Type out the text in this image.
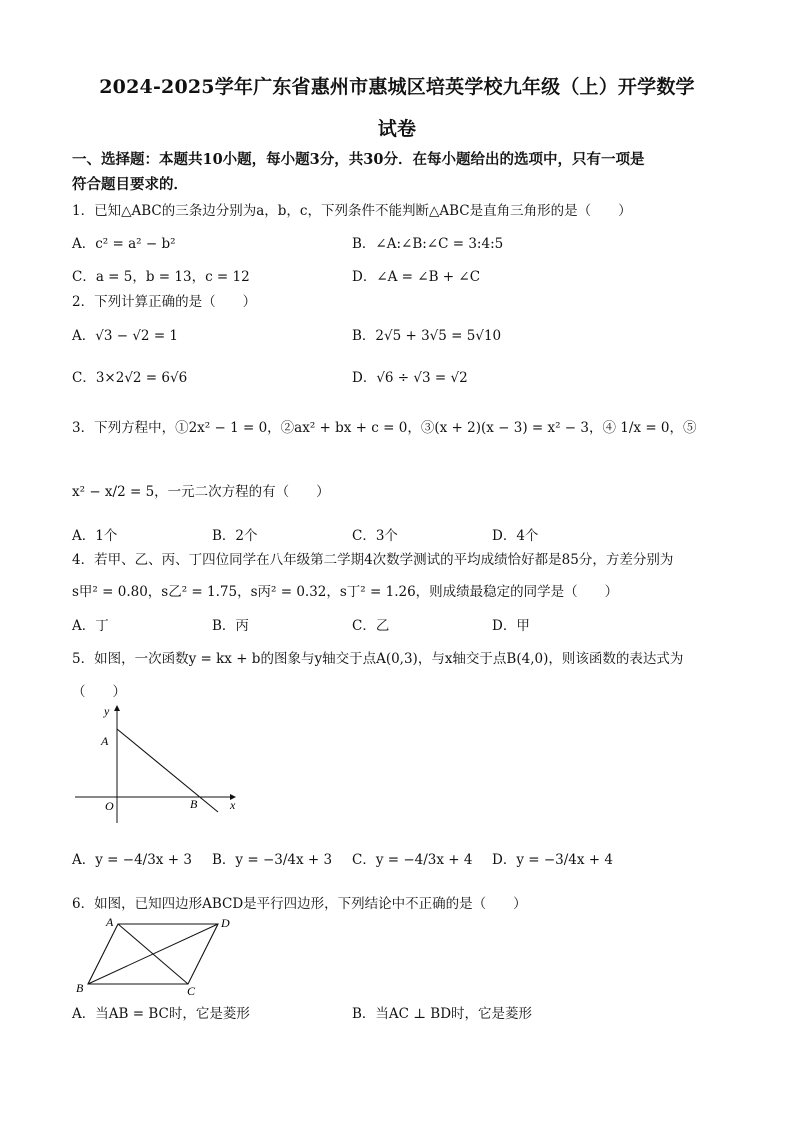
2024-2025学年广东省惠州市惠城区培英学校九年级（上）开学数学
试卷
一、选择题：本题共10小题，每小题3分，共30分．在每小题给出的选项中，只有一项是
符合题目要求的．
1．已知△ABC的三条边分别为a，b，c，下列条件不能判断△ABC是直角三角形的是（　　）
A．c² = a² − b²	B．∠A:∠B:∠C = 3:4:5
C．a = 5，b = 13，c = 12	D．∠A = ∠B + ∠C
2．下列计算正确的是（　　）
A．√3 − √2 = 1	B．2√5 + 3√5 = 5√10
C．3×2√2 = 6√6	D．√6 ÷ √3 = √2
3．下列方程中，①2x² − 1 = 0，②ax² + bx + c = 0，③(x + 2)(x − 3) = x² − 3，④ 1/x = 0，⑤
x² − x/2 = 5，一元二次方程的有（　　）
A．1个	B．2个	C．3个	D．4个
4．若甲、乙、丙、丁四位同学在八年级第二学期4次数学测试的平均成绩恰好都是85分，方差分别为
s甲² = 0.80，s乙² = 1.75，s丙² = 0.32，s丁² = 1.26，则成绩最稳定的同学是（　　）
A．丁	B．丙	C．乙	D．甲
5．如图，一次函数y = kx + b的图象与y轴交于点A(0,3)，与x轴交于点B(4,0)，则该函数的表达式为
（　　）
y
x
A
O	B
A．y = −4/3x + 3 B．y = −3/4x + 3 C．y = −4/3x + 4 D．y = −3/4x + 4
6．如图，已知四边形ABCD是平行四边形，下列结论中不正确的是（　　）
A	D
B	C
A．当AB = BC时，它是菱形	B．当AC ⊥ BD时，它是菱形
